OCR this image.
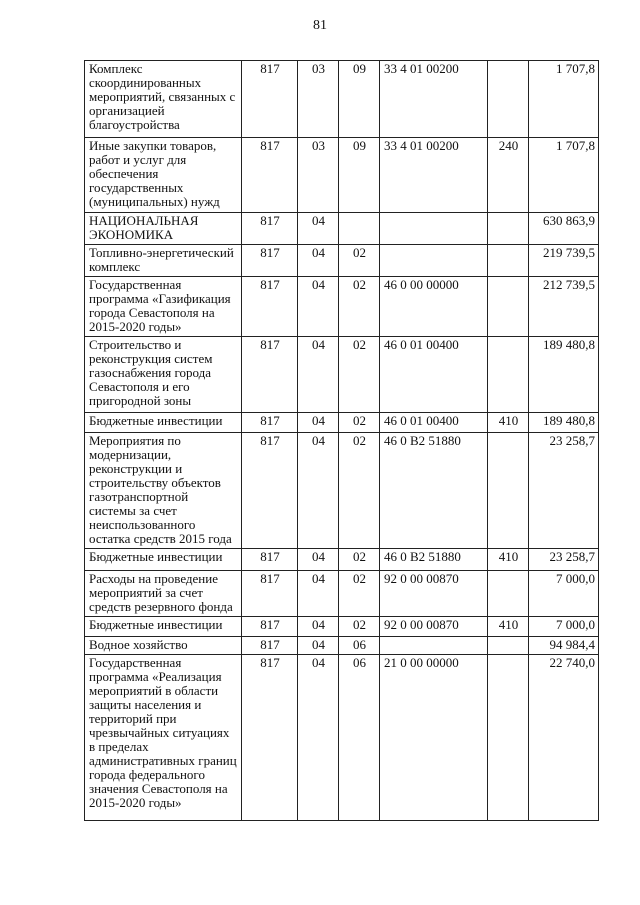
81
Комплекс скоординированных мероприятий, связанных с организацией благоустройства	817	03	09	33 4 01 00200		1 707,8
Иные закупки товаров, работ и услуг для обеспечения государственных (муниципальных) нужд	817	03	09	33 4 01 00200	240	1 707,8
НАЦИОНАЛЬНАЯ ЭКОНОМИКА	817	04				630 863,9
Топливно-энергетический комплекс	817	04	02			219 739,5
Государственная программа «Газификация города Севастополя на 2015-2020 годы»	817	04	02	46 0 00 00000		212 739,5
Строительство и реконструкция систем газоснабжения города Севастополя и его пригородной зоны	817	04	02	46 0 01 00400		189 480,8
Бюджетные инвестиции	817	04	02	46 0 01 00400	410	189 480,8
Мероприятия по модернизации, реконструкции и строительству объектов газотранспортной системы за счет неиспользованного остатка средств 2015 года	817	04	02	46 0 В2 51880		23 258,7
Бюджетные инвестиции	817	04	02	46 0 В2 51880	410	23 258,7
Расходы на проведение мероприятий за счет средств резервного фонда	817	04	02	92 0 00 00870		7 000,0
Бюджетные инвестиции	817	04	02	92 0 00 00870	410	7 000,0
Водное хозяйство	817	04	06			94 984,4
Государственная программа «Реализация мероприятий в области защиты населения и территорий при чрезвычайных ситуациях в пределах административных границ города федерального значения Севастополя на 2015-2020 годы»	817	04	06	21 0 00 00000		22 740,0
